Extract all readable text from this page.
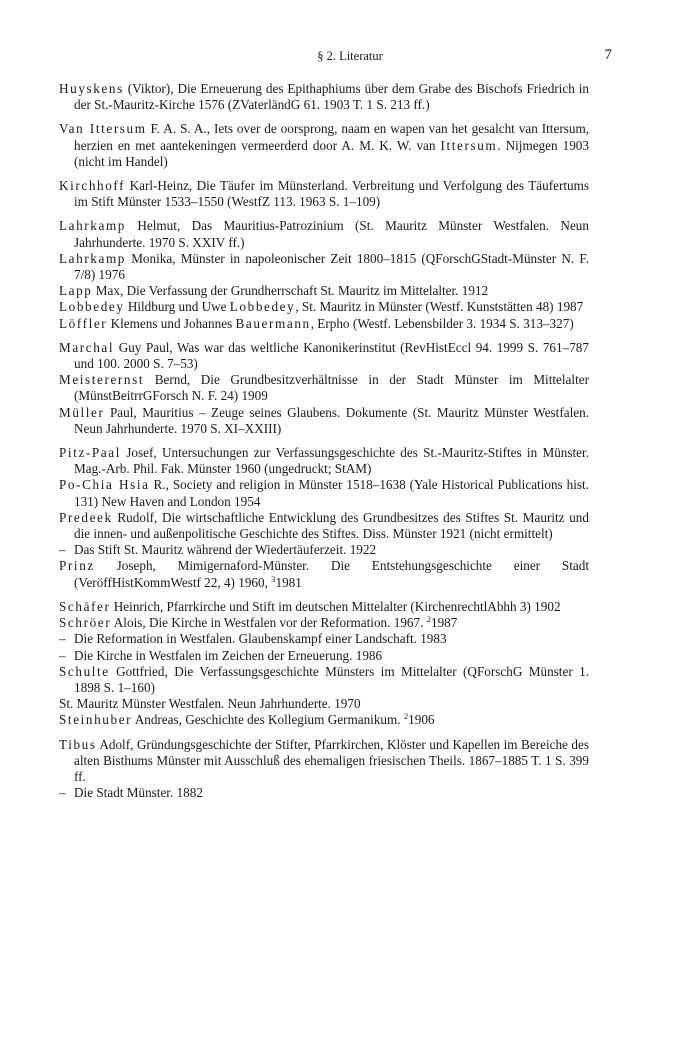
§ 2. Literatur	7
Huyskens (Viktor), Die Erneuerung des Epithaphiums über dem Grabe des Bischofs Friedrich in der St.-Mauritz-Kirche 1576 (ZVaterländG 61. 1903 T. 1 S. 213 ff.)
Van Ittersum F. A. S. A., Iets over de oorsprong, naam en wapen van het gesalcht van Ittersum, herzien en met aantekeningen vermeerderd door A. M. K. W. van Ittersum. Nijmegen 1903 (nicht im Handel)
Kirchhoff Karl-Heinz, Die Täufer im Münsterland. Verbreitung und Verfolgung des Täufertums im Stift Münster 1533–1550 (WestfZ 113. 1963 S. 1–109)
Lahrkamp Helmut, Das Mauritius-Patrozinium (St. Mauritz Münster Westfalen. Neun Jahrhunderte. 1970 S. XXIV ff.)
Lahrkamp Monika, Münster in napoleonischer Zeit 1800–1815 (QForschGStadt-Münster N. F. 7/8) 1976
Lapp Max, Die Verfassung der Grundherrschaft St. Mauritz im Mittelalter. 1912
Lobbedey Hildburg und Uwe Lobbedey, St. Mauritz in Münster (Westf. Kunststätten 48) 1987
Löffler Klemens und Johannes Bauermann, Erpho (Westf. Lebensbilder 3. 1934 S. 313–327)
Marchal Guy Paul, Was war das weltliche Kanonikerinstitut (RevHistEccl 94. 1999 S. 761–787 und 100. 2000 S. 7–53)
Meisterernst Bernd, Die Grundbesitzverhältnisse in der Stadt Münster im Mittelalter (MünstBeitrrGForsch N. F. 24) 1909
Müller Paul, Mauritius – Zeuge seines Glaubens. Dokumente (St. Mauritz Münster Westfalen. Neun Jahrhunderte. 1970 S. XI–XXIII)
Pitz-Paal Josef, Untersuchungen zur Verfassungsgeschichte des St.-Mauritz-Stiftes in Münster. Mag.-Arb. Phil. Fak. Münster 1960 (ungedruckt; StAM)
Po-Chia Hsia R., Society and religion in Münster 1518–1638 (Yale Historical Publications hist. 131) New Haven and London 1954
Predeek Rudolf, Die wirtschaftliche Entwicklung des Grundbesitzes des Stiftes St. Mauritz und die innen- und außenpolitische Geschichte des Stiftes. Diss. Münster 1921 (nicht ermittelt)
– Das Stift St. Mauritz während der Wiedertäuferzeit. 1922
Prinz Joseph, Mimigernaford-Münster. Die Entstehungsgeschichte einer Stadt (VeröffHistKommWestf 22, 4) 1960, $^3$1981
Schäfer Heinrich, Pfarrkirche und Stift im deutschen Mittelalter (KirchenrechtlAbhh 3) 1902
Schröer Alois, Die Kirche in Westfalen vor der Reformation. 1967. $^2$1987
– Die Reformation in Westfalen. Glaubenskampf einer Landschaft. 1983
– Die Kirche in Westfalen im Zeichen der Erneuerung. 1986
Schulte Gottfried, Die Verfassungsgeschichte Münsters im Mittelalter (QForschG Münster 1. 1898 S. 1–160)
St. Mauritz Münster Westfalen. Neun Jahrhunderte. 1970
Steinhuber Andreas, Geschichte des Kollegium Germanikum. $^2$1906
Tibus Adolf, Gründungsgeschichte der Stifter, Pfarrkirchen, Klöster und Kapellen im Bereiche des alten Bisthums Münster mit Ausschluß des ehemaligen friesischen Theils. 1867–1885 T. 1 S. 399 ff.
– Die Stadt Münster. 1882
